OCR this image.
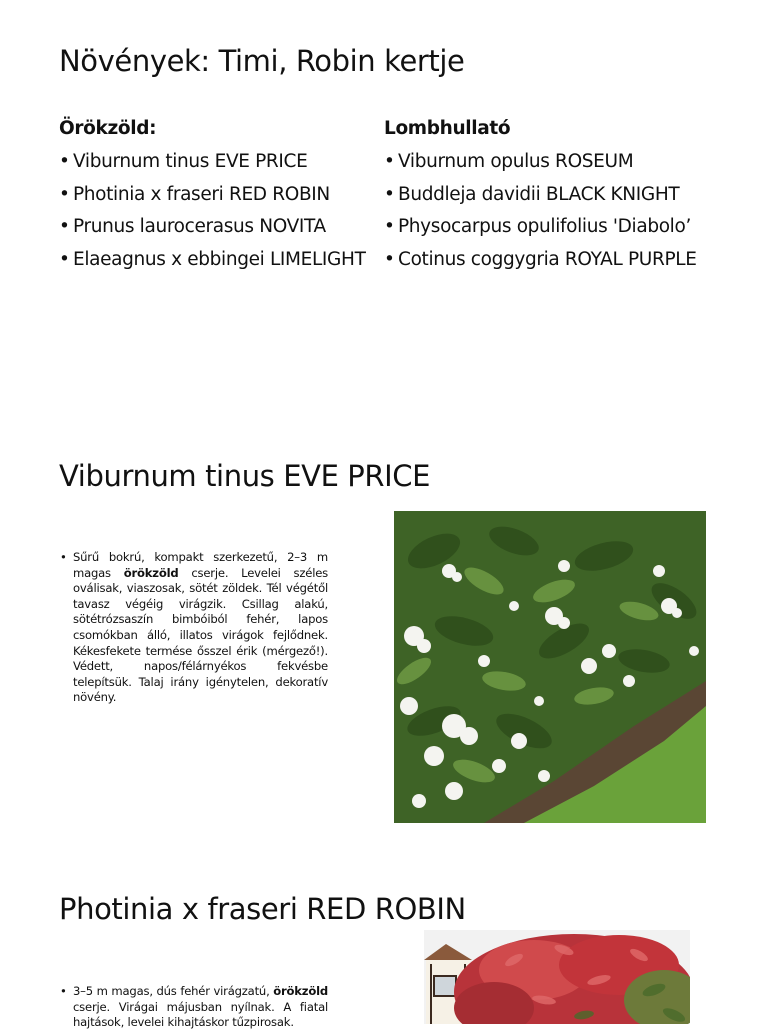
Növények: Timi, Robin kertje
Örökzöld:
• Viburnum tinus EVE PRICE
• Photinia x fraseri RED ROBIN
• Prunus laurocerasus NOVITA
• Elaeagnus x ebbingei LIMELIGHT
Lombhullató
• Viburnum opulus ROSEUM
• Buddleja davidii BLACK KNIGHT
• Physocarpus opulifolius 'Diabolo’
• Cotinus coggygria ROYAL PURPLE
Viburnum tinus EVE PRICE
• Sűrű bokrú, kompakt szerkezetű, 2–3 m magas örökzöld cserje. Levelei széles oválisak, viaszosak, sötét zöldek. Tél végétől tavasz végéig virágzik. Csillag alakú, sötétrózsaszín bimbóiból fehér, lapos csomókban álló, illatos virágok fejlődnek. Kékesfekete termése ősszel érik (mérgező!). Védett, napos/félárnyékos fekvésbe telepítsük. Talaj irány igénytelen, dekoratív növény.
Photinia x fraseri RED ROBIN
• 3–5 m magas, dús fehér virágzatú, örökzöld cserje. Virágai májusban nyílnak. A fiatal hajtások, levelei kihajtáskor tűzpirosak.
